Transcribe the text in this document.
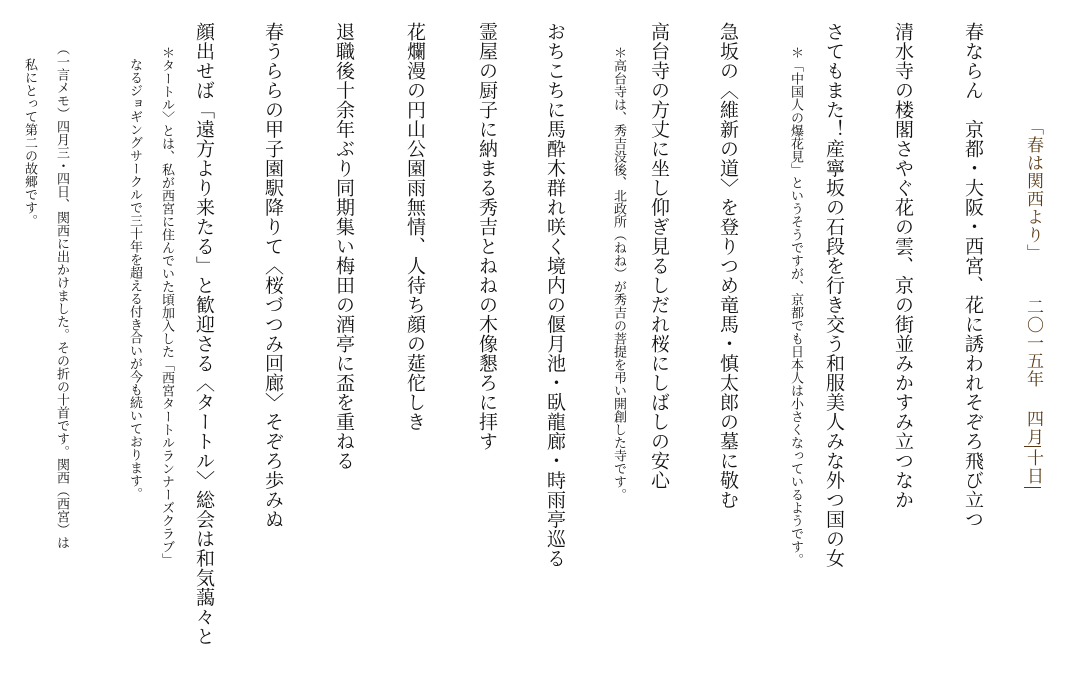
「春は関西より」二〇一五年四月十日
春ならん　京都・大阪・西宮、花に誘われそぞろ飛び立つ
清水寺の楼閣さやぐ花の雲、京の街並みかすみ立つなか
さてもまた！産寧坂の石段を行き交う和服美人みな外つ国の女
＊「中国人の爆花見」というそうですが、京都でも日本人は小さくなっているようです。
急坂の〈維新の道〉を登りつめ竜馬・慎太郎の墓に敬む
高台寺の方丈に坐し仰ぎ見るしだれ桜にしばしの安心
＊高台寺は、秀吉没後、北政所（ねね）が秀吉の菩提を弔い開創した寺です。
おちこちに馬酔木群れ咲く境内の偃月池・臥龍廊・時雨亭巡る
霊屋の厨子に納まる秀吉とねねの木像懇ろに拝す
花爛漫の円山公園雨無情、人待ち顔の莚佗しき
退職後十余年ぶり同期集い梅田の酒亭に盃を重ねる
春うららの甲子園駅降りて〈桜づつみ回廊〉そぞろ歩みぬ
顔出せば「遠方より来たる」と歓迎さる〈タートル〉総会は和気藹々と
＊タートル〉とは、私が西宮に住んでいた頃加入した「西宮タートルランナーズクラブ」
なるジョギングサークルで三十年を超える付き合いが今も続いております。
（一言メモ）四月三・四日、関西に出かけました。その折の十首です。関西（西宮）は
私にとって第二の故郷です。
